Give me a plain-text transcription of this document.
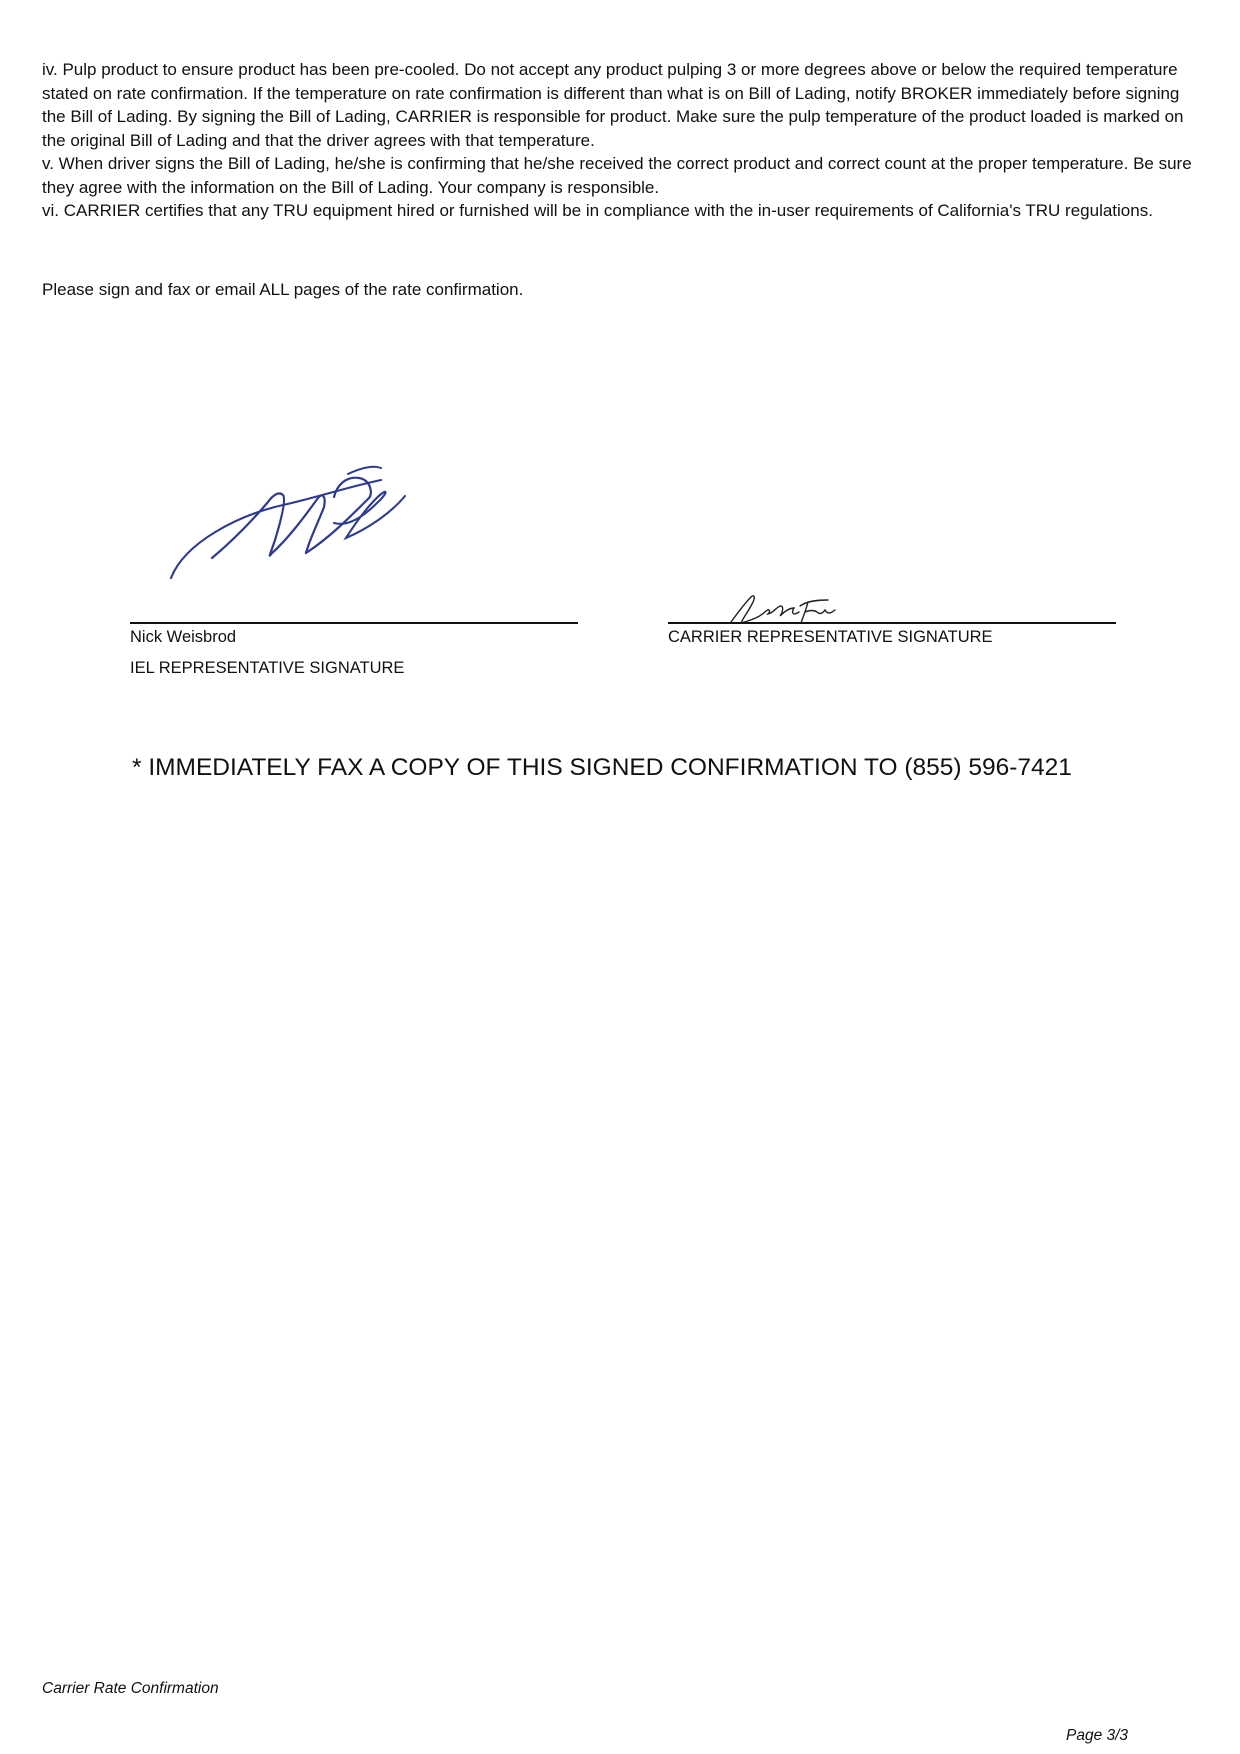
iv. Pulp product to ensure product has been pre-cooled. Do not accept any product pulping 3 or more degrees above or below the required temperature stated on rate confirmation. If the temperature on rate confirmation is different than what is on Bill of Lading, notify BROKER immediately before signing the Bill of Lading. By signing the Bill of Lading, CARRIER is responsible for product. Make sure the pulp temperature of the product loaded is marked on the original Bill of Lading and that the driver agrees with that temperature.

v. When driver signs the Bill of Lading, he/she is confirming that he/she received the correct product and correct count at the proper temperature. Be sure they agree with the information on the Bill of Lading. Your company is responsible.

vi. CARRIER certifies that any TRU equipment hired or furnished will be in compliance with the in-user requirements of California's TRU regulations.

Please sign and fax or email ALL pages of the rate confirmation.
Nick Weisbrod
IEL REPRESENTATIVE SIGNATURE
CARRIER REPRESENTATIVE SIGNATURE
* IMMEDIATELY FAX A COPY OF THIS SIGNED CONFIRMATION TO (855) 596-7421
Carrier Rate Confirmation
Page 3/3
